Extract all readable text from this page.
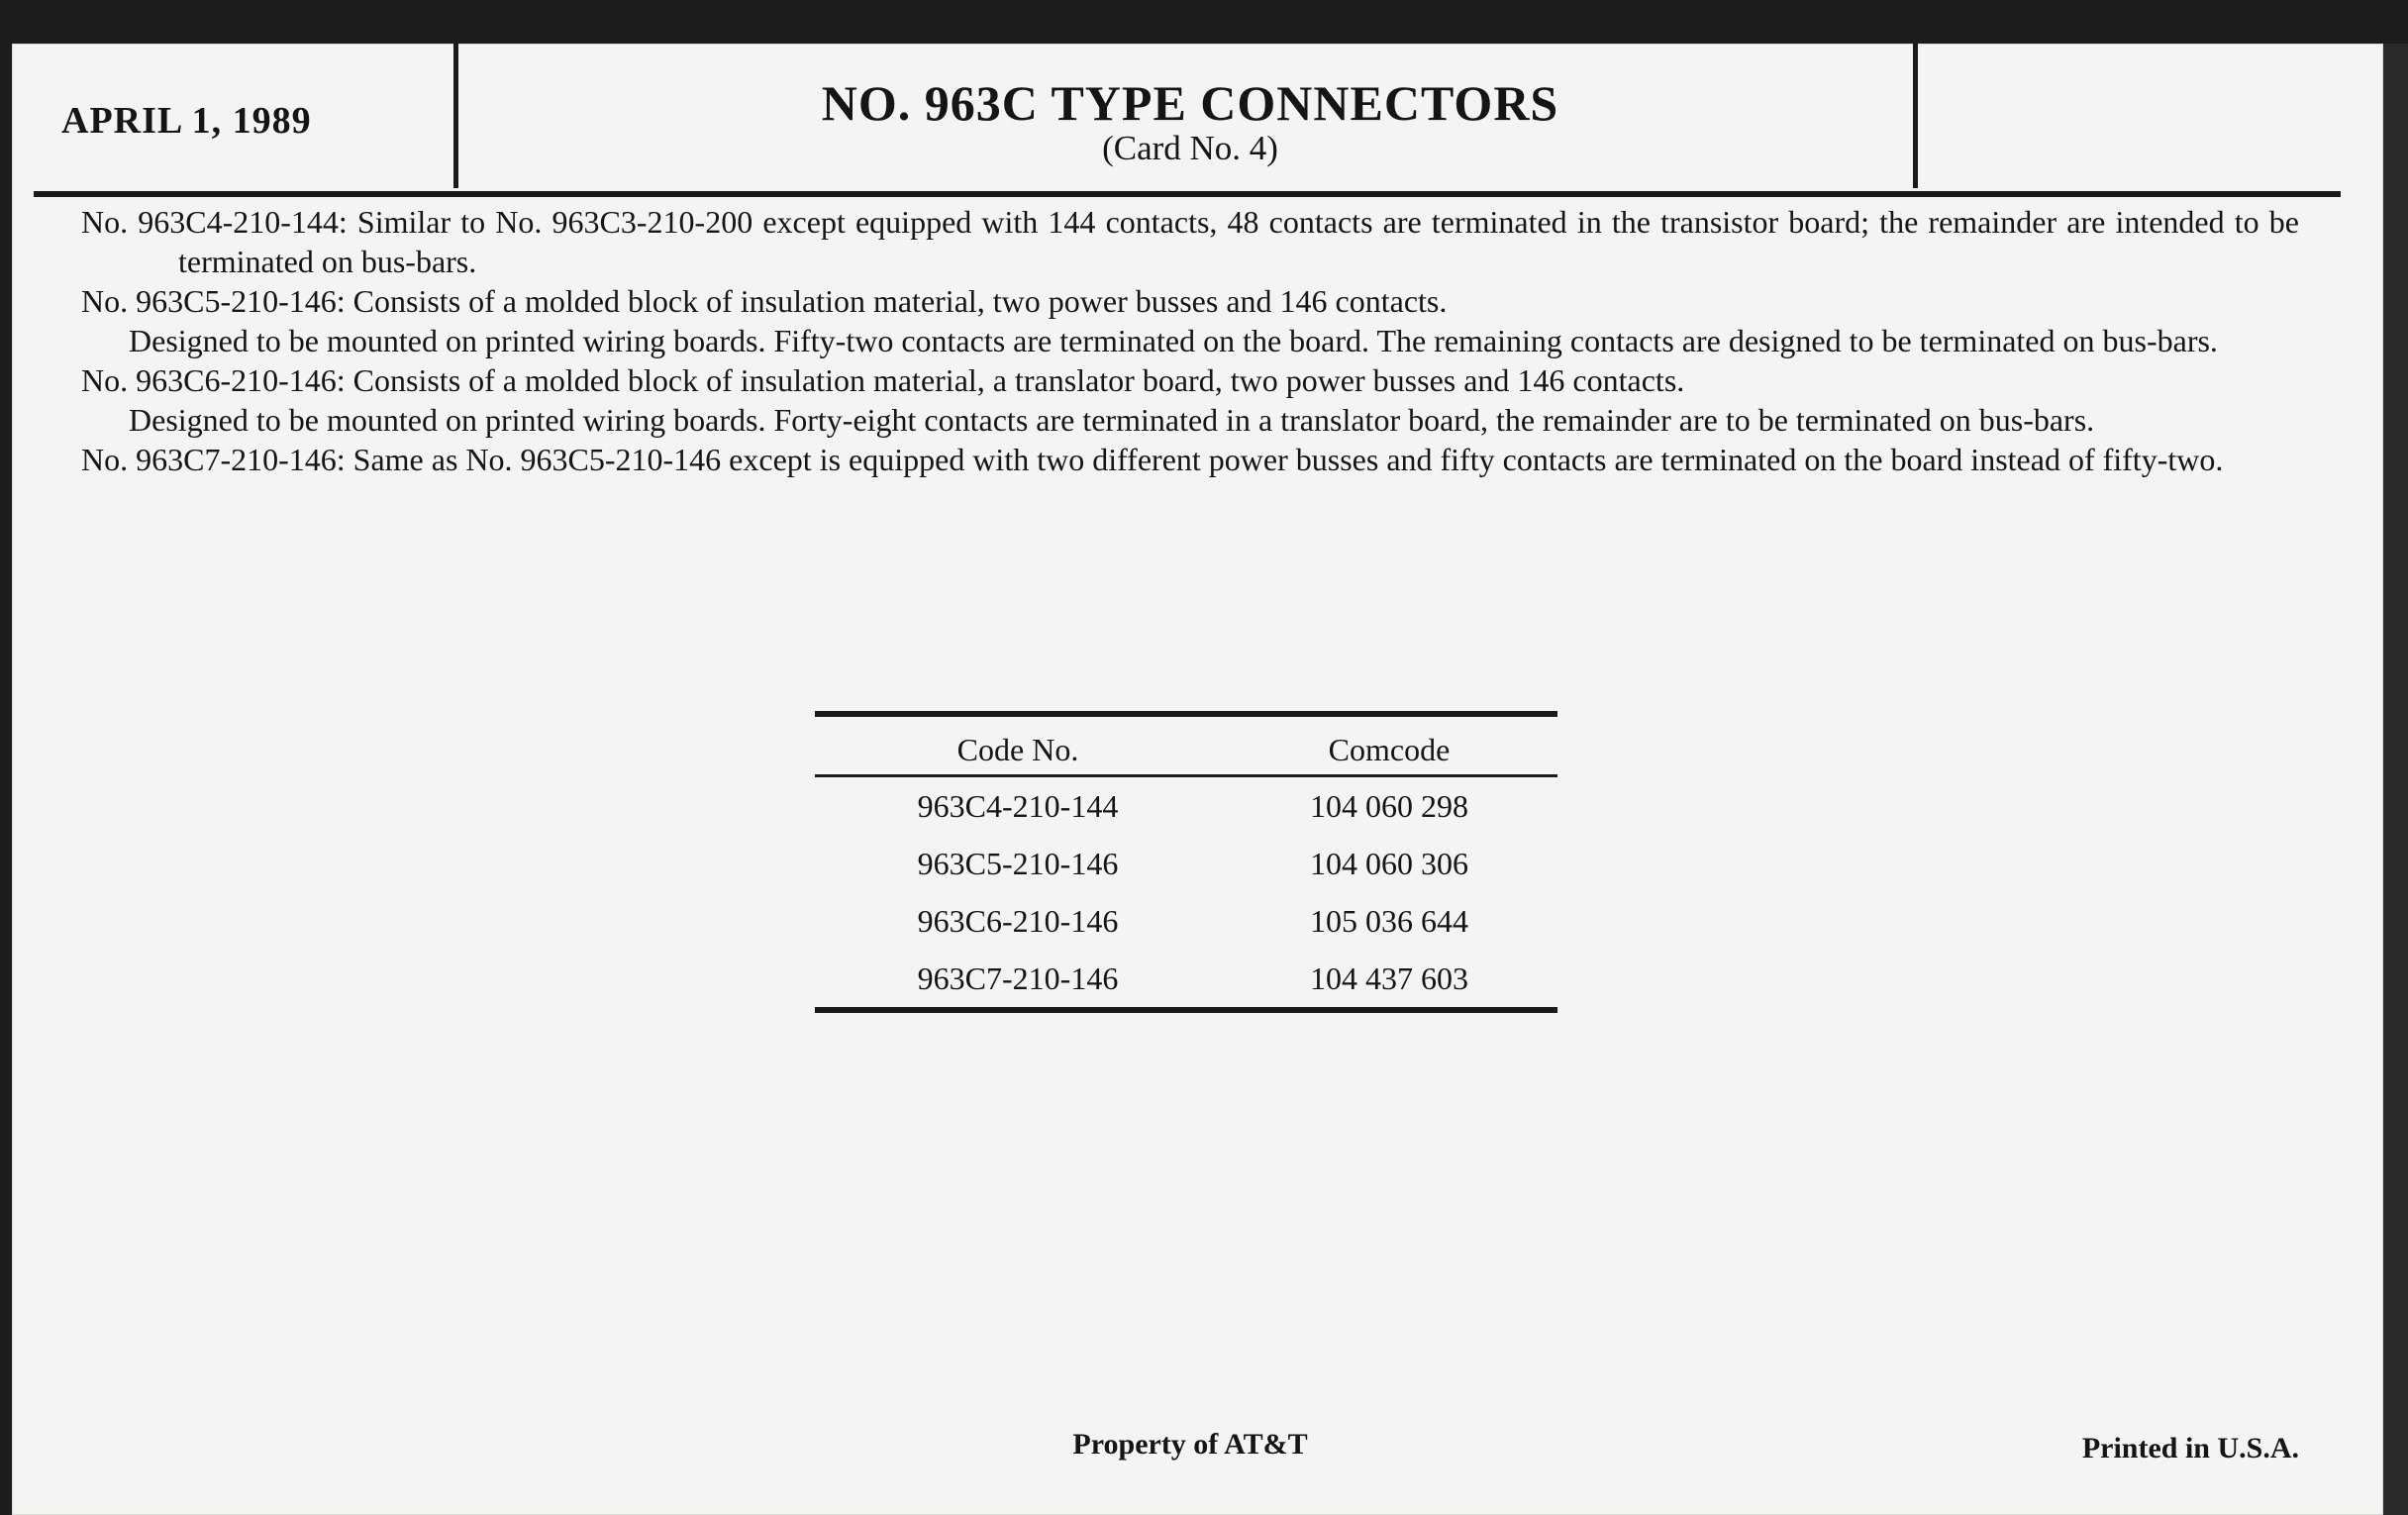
APRIL 1, 1989	NO. 963C TYPE CONNECTORS
(Card No. 4)

No. 963C4-210-144: Similar to No. 963C3-210-200 except equipped with 144 contacts, 48 contacts are terminated in the transistor board; the remainder are intended to be terminated on bus-bars.

No. 963C5-210-146: Consists of a molded block of insulation material, two power busses and 146 contacts.

Designed to be mounted on printed wiring boards. Fifty-two contacts are terminated on the board. The remaining contacts are designed to be terminated on bus-bars.

No. 963C6-210-146: Consists of a molded block of insulation material, a translator board, two power busses and 146 contacts.

Designed to be mounted on printed wiring boards. Forty-eight contacts are terminated in a translator board, the remainder are to be terminated on bus-bars.

No. 963C7-210-146: Same as No. 963C5-210-146 except is equipped with two different power busses and fifty contacts are terminated on the board instead of fifty-two.

Code No.	Comcode
963C4-210-144	104 060 298
963C5-210-146	104 060 306
963C6-210-146	105 036 644
963C7-210-146	104 437 603
Property of AT&T	Printed in U.S.A.
